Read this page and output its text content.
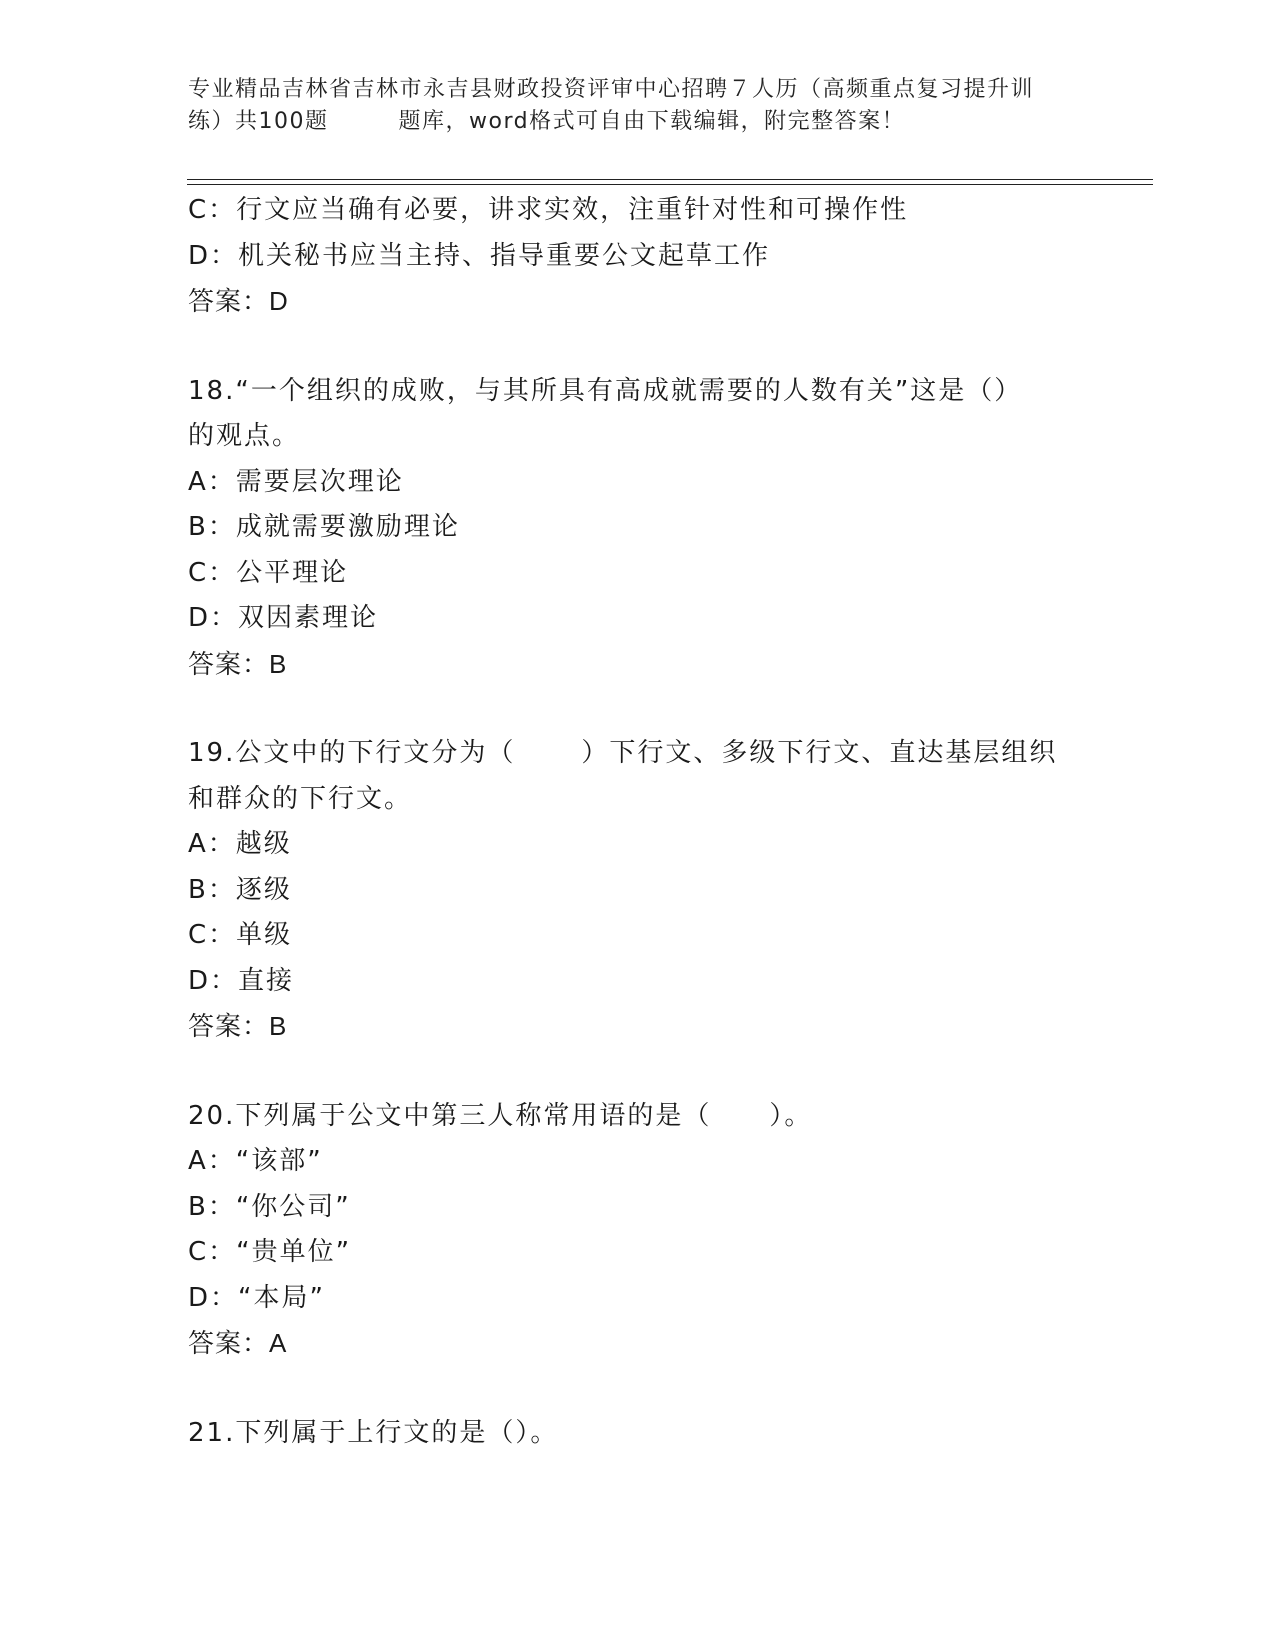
专业精品吉林省吉林市永吉县财政投资评审中心招聘７人历（高频重点复习提升训
练）共100题	题库，word格式可自由下载编辑，附完整答案！
C：行文应当确有必要，讲求实效，注重针对性和可操作性
D：机关秘书应当主持、指导重要公文起草工作
答案：D
18.“一个组织的成败，与其所具有高成就需要的人数有关”这是（）
的观点。
A：需要层次理论
B：成就需要激励理论
C：公平理论
D：双因素理论
答案：B
19.公文中的下行文分为（	）下行文、多级下行文、直达基层组织
和群众的下行文。
A：越级
B：逐级
C：单级
D：直接
答案：B
20.下列属于公文中第三人称常用语的是（ ）。
A：“该部”
B：“你公司”
C：“贵单位”
D：“本局”
答案：A
21.下列属于上行文的是（）。
